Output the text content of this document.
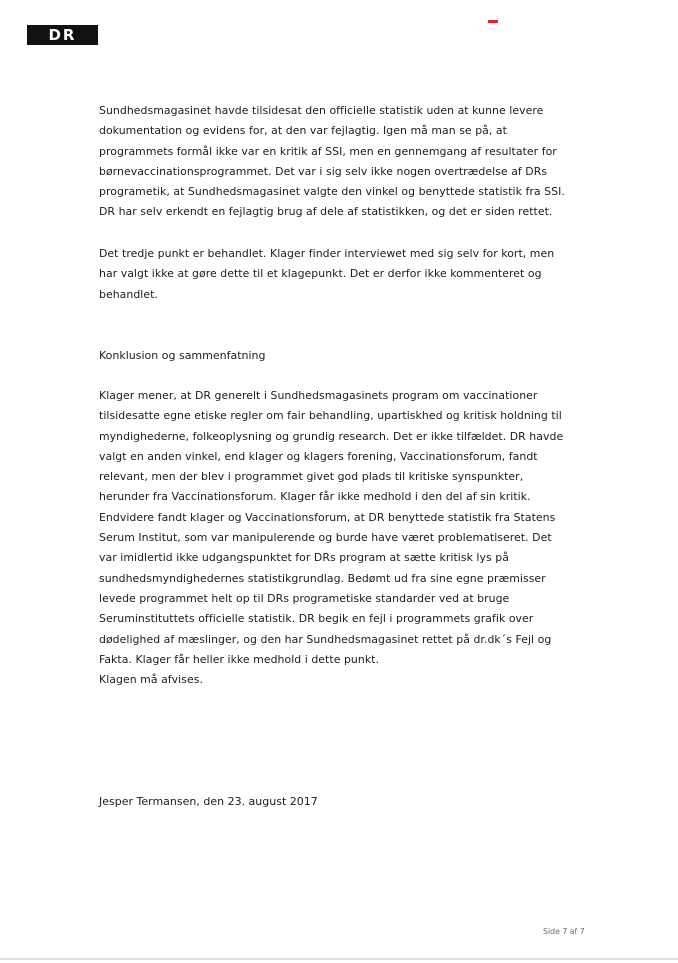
DR
Sundhedsmagasinet havde tilsidesat den officielle statistik uden at kunne levere
dokumentation og evidens for, at den var fejlagtig. Igen må man se på, at
programmets formål ikke var en kritik af SSI, men en gennemgang af resultater for
børnevaccinationsprogrammet. Det var i sig selv ikke nogen overtrædelse af DRs
programetik, at Sundhedsmagasinet valgte den vinkel og benyttede statistik fra SSI.
DR har selv erkendt en fejlagtig brug af dele af statistikken, og det er siden rettet.
Det tredje punkt er behandlet. Klager finder interviewet med sig selv for kort, men
har valgt ikke at gøre dette til et klagepunkt. Det er derfor ikke kommenteret og
behandlet.
Konklusion og sammenfatning
Klager mener, at DR generelt i Sundhedsmagasinets program om vaccinationer
tilsidesatte egne etiske regler om fair behandling, upartiskhed og kritisk holdning til
myndighederne, folkeoplysning og grundig research. Det er ikke tilfældet. DR havde
valgt en anden vinkel, end klager og klagers forening, Vaccinationsforum, fandt
relevant, men der blev i programmet givet god plads til kritiske synspunkter,
herunder fra Vaccinationsforum. Klager får ikke medhold i den del af sin kritik.
Endvidere fandt klager og Vaccinationsforum, at DR benyttede statistik fra Statens
Serum Institut, som var manipulerende og burde have været problematiseret. Det
var imidlertid ikke udgangspunktet for DRs program at sætte kritisk lys på
sundhedsmyndighedernes statistikgrundlag. Bedømt ud fra sine egne præmisser
levede programmet helt op til DRs programetiske standarder ved at bruge
Seruminstituttets officielle statistik. DR begik en fejl i programmets grafik over
dødelighed af mæslinger, og den har Sundhedsmagasinet rettet på dr.dk´s Fejl og
Fakta. Klager får heller ikke medhold i dette punkt.
Klagen må afvises.

Jesper Termansen, den 23. august 2017

Side 7 af 7
